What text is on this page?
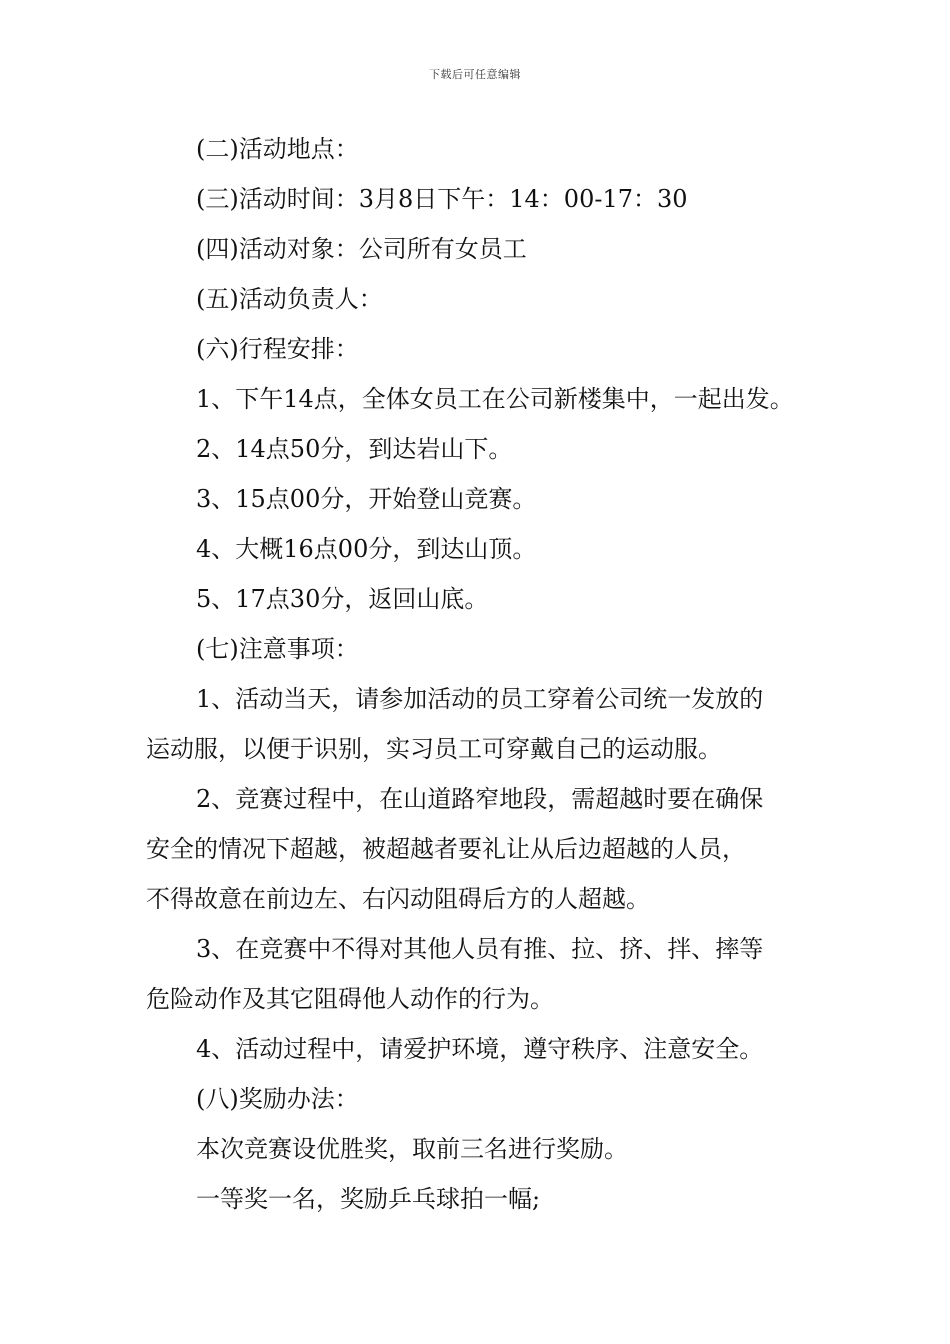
下载后可任意编辑
(二)活动地点：
(三)活动时间：3月8日下午：14：00-17：30
(四)活动对象：公司所有女员工
(五)活动负责人：
(六)行程安排：
1、下午14点，全体女员工在公司新楼集中，一起出发。
2、14点50分，到达岩山下。
3、15点00分，开始登山竞赛。
4、大概16点00分，到达山顶。
5、17点30分，返回山底。
(七)注意事项：
1、活动当天，请参加活动的员工穿着公司统一发放的
运动服，以便于识别，实习员工可穿戴自己的运动服。
2、竞赛过程中，在山道路窄地段，需超越时要在确保
安全的情况下超越，被超越者要礼让从后边超越的人员，
不得故意在前边左、右闪动阻碍后方的人超越。
3、在竞赛中不得对其他人员有推、拉、挤、拌、摔等
危险动作及其它阻碍他人动作的行为。
4、活动过程中，请爱护环境，遵守秩序、注意安全。
(八)奖励办法：
本次竞赛设优胜奖，取前三名进行奖励。
一等奖一名，奖励乒乓球拍一幅;
